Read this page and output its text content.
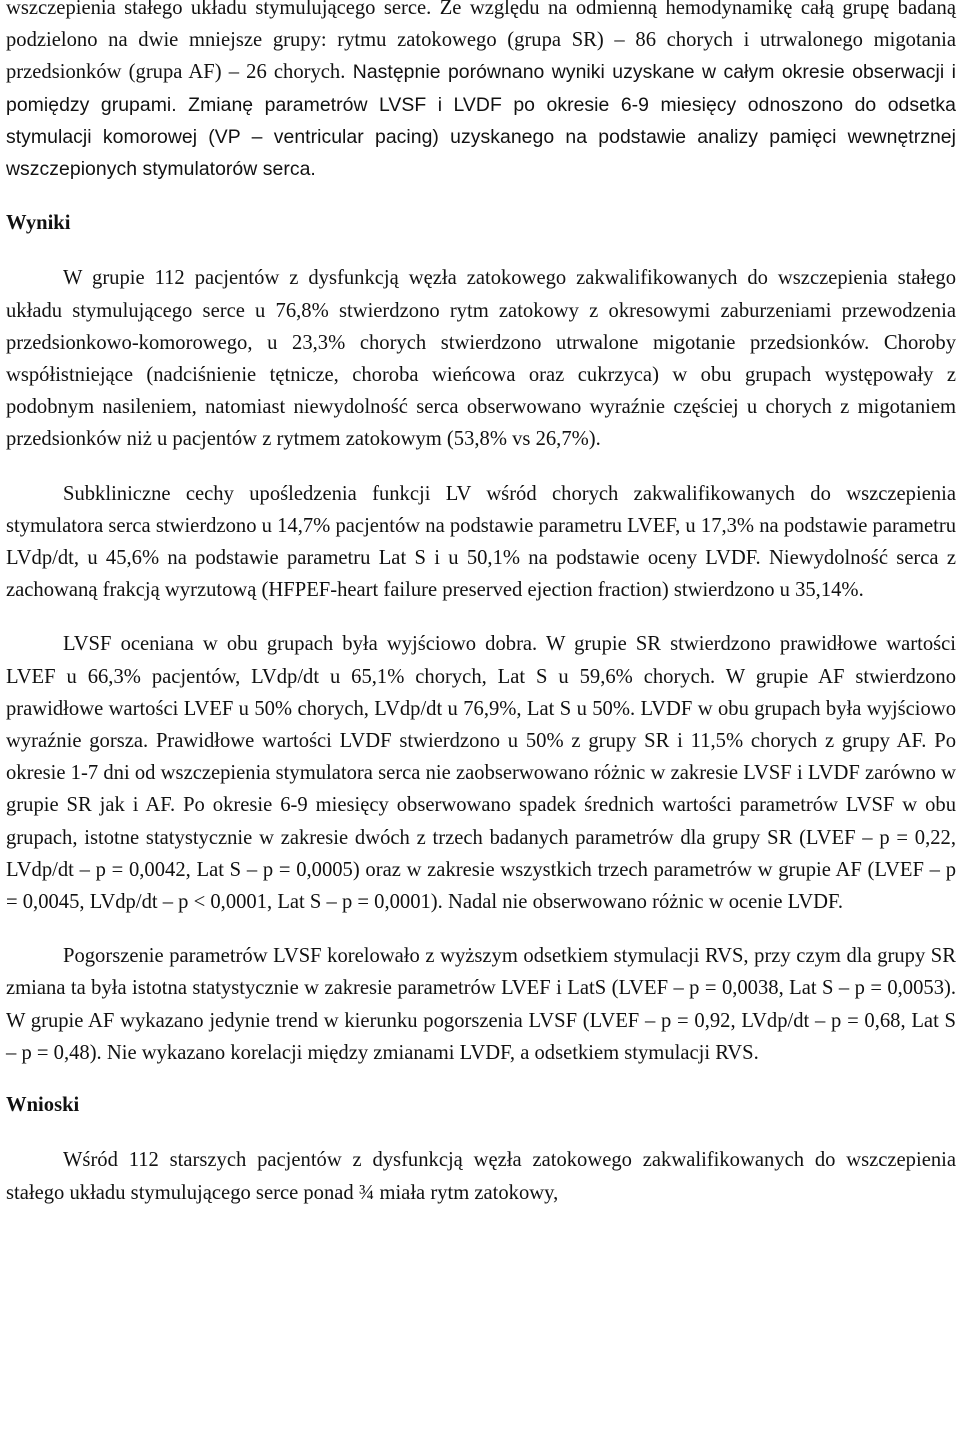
wszczepienia stałego układu stymulującego serce. Ze względu na odmienną hemodynamikę całą grupę badaną podzielono na dwie mniejsze grupy: rytmu zatokowego (grupa SR) – 86 chorych i utrwalonego migotania przedsionków (grupa AF) – 26 chorych. Następnie porównano wyniki uzyskane w całym okresie obserwacji i pomiędzy grupami. Zmianę parametrów LVSF i LVDF po okresie 6-9 miesięcy odnoszono do odsetka stymulacji komorowej (VP – ventricular pacing) uzyskanego na podstawie analizy pamięci wewnętrznej wszczepionych stymulatorów serca.

Wyniki

W grupie 112 pacjentów z dysfunkcją węzła zatokowego zakwalifikowanych do wszczepienia stałego układu stymulującego serce u 76,8% stwierdzono rytm zatokowy z okresowymi zaburzeniami przewodzenia przedsionkowo-komorowego, u 23,3% chorych stwierdzono utrwalone migotanie przedsionków. Choroby współistniejące (nadciśnienie tętnicze, choroba wieńcowa oraz cukrzyca) w obu grupach występowały z podobnym nasileniem, natomiast niewydolność serca obserwowano wyraźnie częściej u chorych z migotaniem przedsionków niż u pacjentów z rytmem zatokowym (53,8% vs 26,7%).

Subkliniczne cechy upośledzenia funkcji LV wśród chorych zakwalifikowanych do wszczepienia stymulatora serca stwierdzono u 14,7% pacjentów na podstawie parametru LVEF, u 17,3% na podstawie parametru LVdp/dt, u 45,6% na podstawie parametru Lat S i u 50,1% na podstawie oceny LVDF. Niewydolność serca z zachowaną frakcją wyrzutową (HFPEF-heart failure preserved ejection fraction) stwierdzono u 35,14%.

LVSF oceniana w obu grupach była wyjściowo dobra. W grupie SR stwierdzono prawidłowe wartości LVEF u 66,3% pacjentów, LVdp/dt u 65,1% chorych, Lat S u 59,6% chorych. W grupie AF stwierdzono prawidłowe wartości LVEF u 50% chorych, LVdp/dt u 76,9%, Lat S u 50%. LVDF w obu grupach była wyjściowo wyraźnie gorsza. Prawidłowe wartości LVDF stwierdzono u 50% z grupy SR i 11,5% chorych z grupy AF. Po okresie 1-7 dni od wszczepienia stymulatora serca nie zaobserwowano różnic w zakresie LVSF i LVDF zarówno w grupie SR jak i AF. Po okresie 6-9 miesięcy obserwowano spadek średnich wartości parametrów LVSF w obu grupach, istotne statystycznie w zakresie dwóch z trzech badanych parametrów dla grupy SR (LVEF – p = 0,22, LVdp/dt – p = 0,0042, Lat S – p = 0,0005) oraz w zakresie wszystkich trzech parametrów w grupie AF (LVEF – p = 0,0045, LVdp/dt – p < 0,0001, Lat S – p = 0,0001). Nadal nie obserwowano różnic w ocenie LVDF.

Pogorszenie parametrów LVSF korelowało z wyższym odsetkiem stymulacji RVS, przy czym dla grupy SR zmiana ta była istotna statystycznie w zakresie parametrów LVEF i LatS (LVEF – p = 0,0038, Lat S – p = 0,0053). W grupie AF wykazano jedynie trend w kierunku pogorszenia LVSF (LVEF – p = 0,92, LVdp/dt – p = 0,68, Lat S – p = 0,48). Nie wykazano korelacji między zmianami LVDF, a odsetkiem stymulacji RVS.

Wnioski

Wśród 112 starszych pacjentów z dysfunkcją węzła zatokowego zakwalifikowanych do wszczepienia stałego układu stymulującego serce ponad ¾ miała rytm zatokowy,
